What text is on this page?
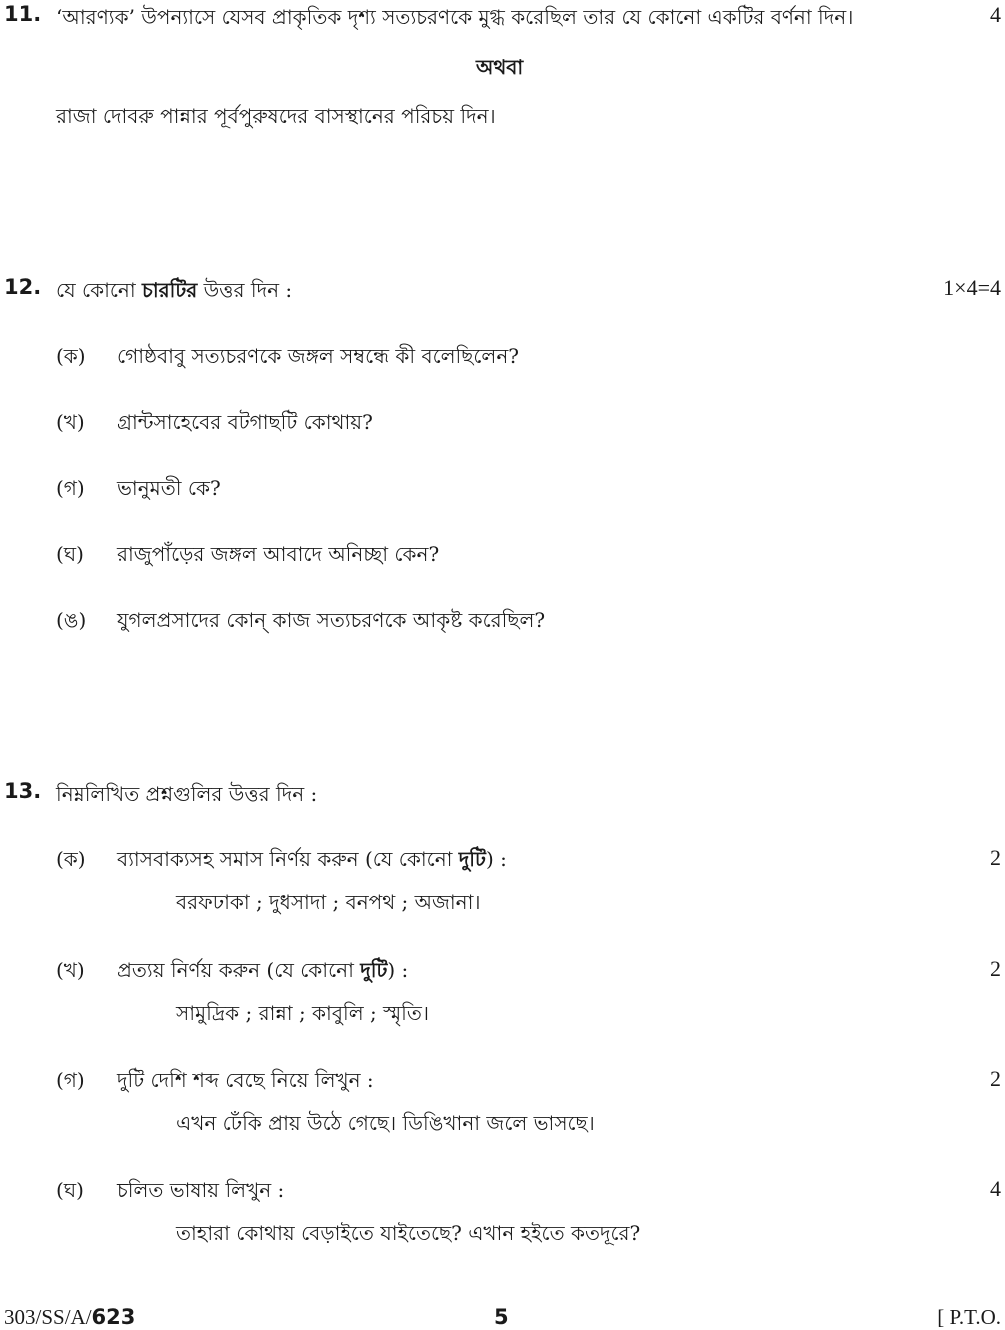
11. ‘আরণ্যক’ উপন্যাসে যেসব প্রাকৃতিক দৃশ্য সত্যচরণকে মুগ্ধ করেছিল তার যে কোনো একটির বর্ণনা দিন।	4
অথবা
রাজা দোবরু পান্নার পূর্বপুরুষদের বাসস্থানের পরিচয় দিন।
12. যে কোনো চারটির উত্তর দিন :	1×4=4
(ক) গোষ্ঠবাবু সত্যচরণকে জঙ্গল সম্বন্ধে কী বলেছিলেন?
(খ) গ্রান্টসাহেবের বটগাছটি কোথায়?
(গ) ভানুমতী কে?
(ঘ) রাজুপাঁড়ের জঙ্গল আবাদে অনিচ্ছা কেন?
(ঙ) যুগলপ্রসাদের কোন্ কাজ সত্যচরণকে আকৃষ্ট করেছিল?
13. নিম্নলিখিত প্রশ্নগুলির উত্তর দিন :
(ক) ব্যাসবাক্যসহ সমাস নির্ণয় করুন (যে কোনো দুটি) :	2
বরফঢাকা ; দুধসাদা ; বনপথ ; অজানা।
(খ) প্রত্যয় নির্ণয় করুন (যে কোনো দুটি) :	2
সামুদ্রিক ; রান্না ; কাবুলি ; স্মৃতি।
(গ) দুটি দেশি শব্দ বেছে নিয়ে লিখুন :	2
এখন ঢেঁকি প্রায় উঠে গেছে। ডিঙিখানা জলে ভাসছে।
(ঘ) চলিত ভাষায় লিখুন :	4
তাহারা কোথায় বেড়াইতে যাইতেছে? এখান হইতে কতদূরে?
303/SS/A/623	5	[ P.T.O.
